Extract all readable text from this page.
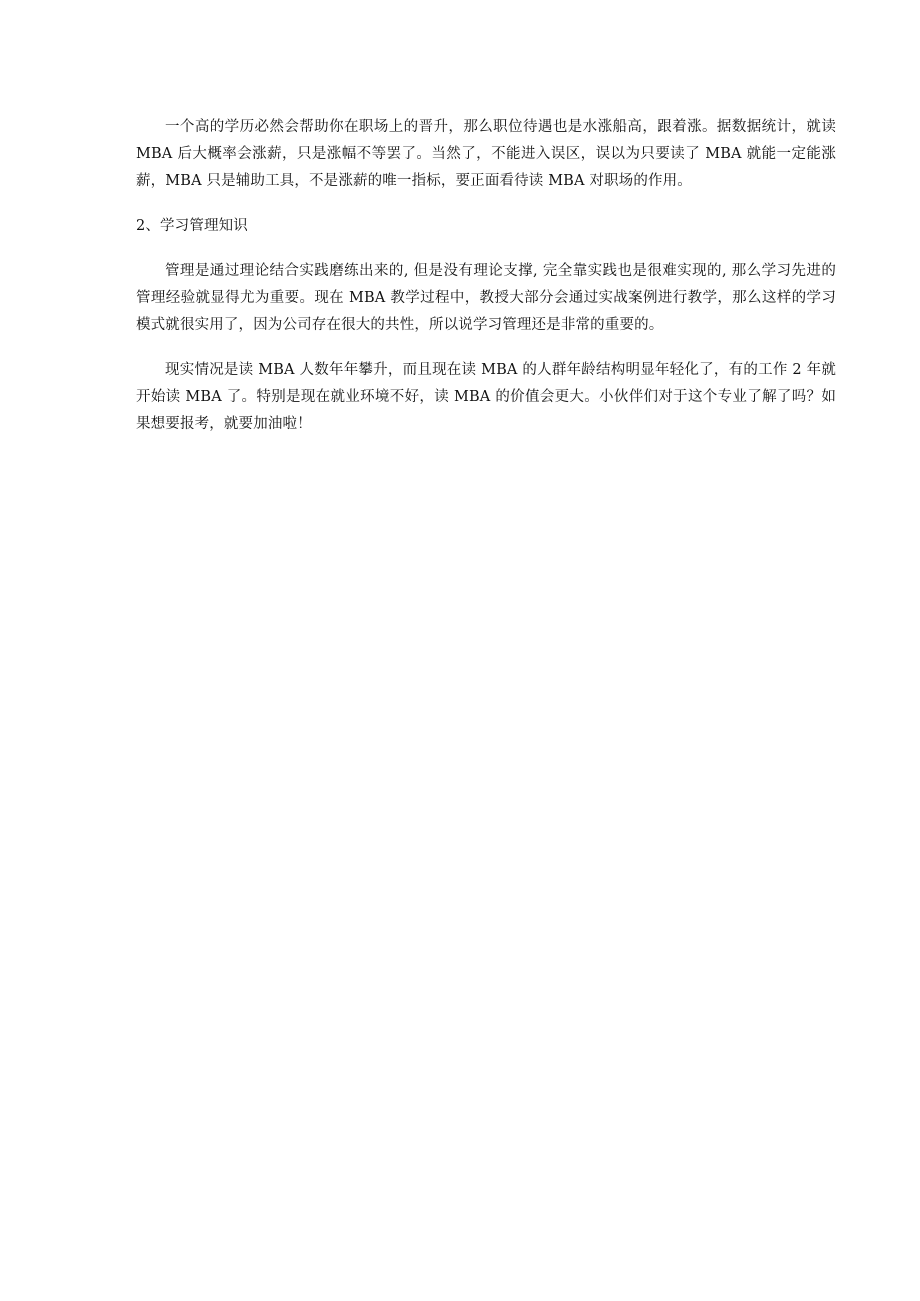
一个高的学历必然会帮助你在职场上的晋升，那么职位待遇也是水涨船高，跟着涨。据数据统计，就读 MBA 后大概率会涨薪，只是涨幅不等罢了。当然了，不能进入误区，误以为只要读了 MBA 就能一定能涨薪，MBA 只是辅助工具，不是涨薪的唯一指标，要正面看待读 MBA 对职场的作用。

2、学习管理知识

管理是通过理论结合实践磨练出来的, 但是没有理论支撑, 完全靠实践也是很难实现的, 那么学习先进的管理经验就显得尤为重要。现在 MBA 教学过程中，教授大部分会通过实战案例进行教学，那么这样的学习模式就很实用了，因为公司存在很大的共性，所以说学习管理还是非常的重要的。

现实情况是读 MBA 人数年年攀升，而且现在读 MBA 的人群年龄结构明显年轻化了，有的工作 2 年就开始读 MBA 了。特别是现在就业环境不好，读 MBA 的价值会更大。小伙伴们对于这个专业了解了吗？如果想要报考，就要加油啦！
